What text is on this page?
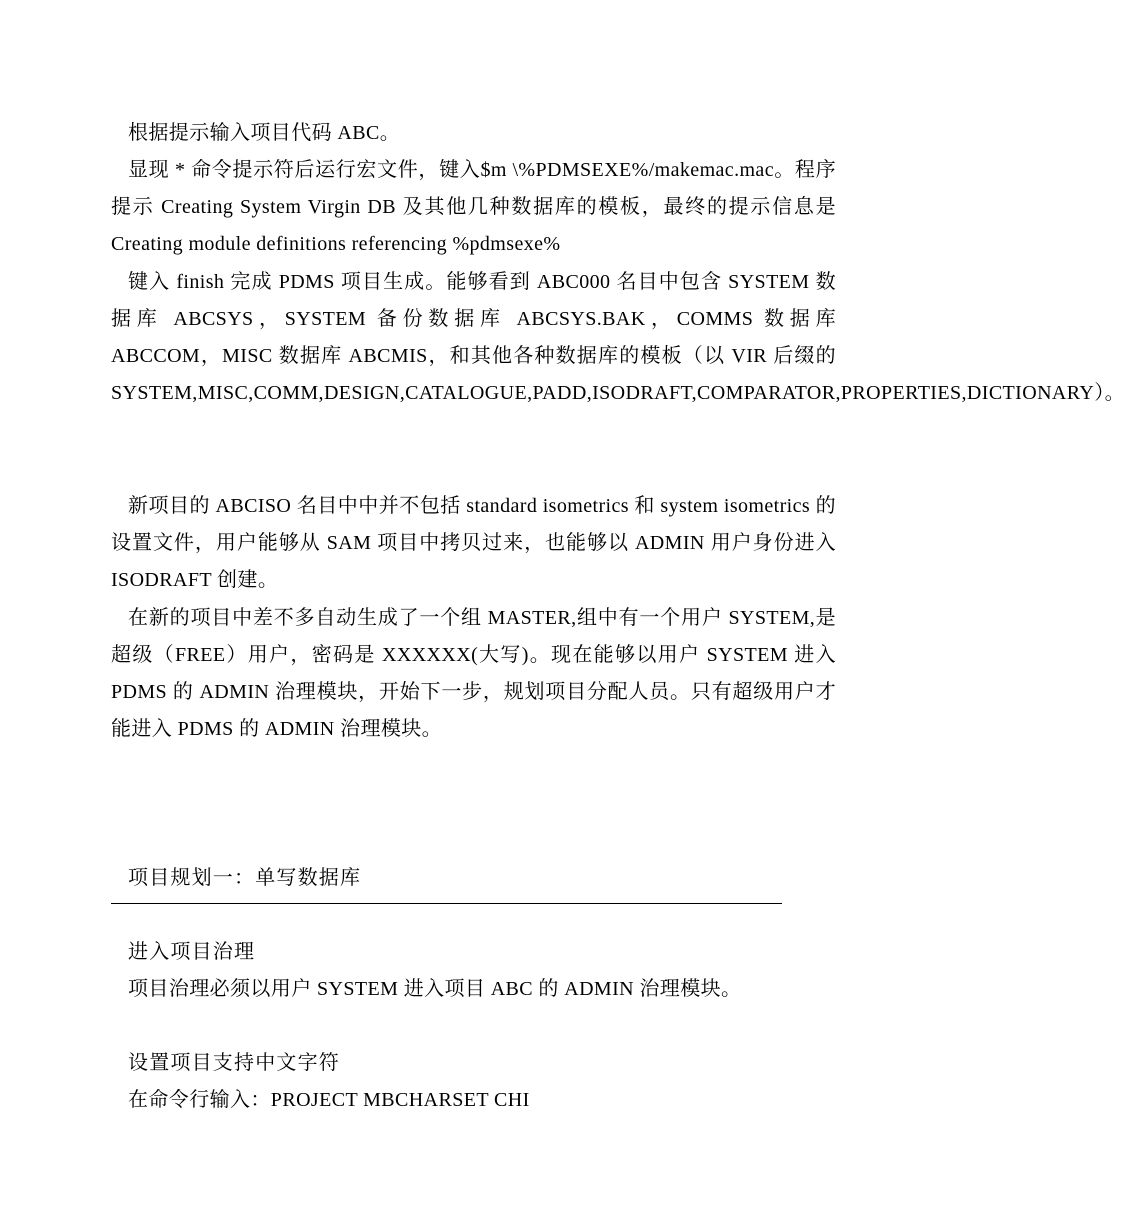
根据提示输入项目代码 ABC。
显现 * 命令提示符后运行宏文件，键入$m \%PDMSEXE%/makemac.mac。程序提示 Creating System Virgin DB 及其他几种数据库的模板，最终的提示信息是 Creating module definitions referencing %pdmsexe%
键入 finish 完成 PDMS 项目生成。能够看到 ABC000 名目中包含 SYSTEM 数据库 ABCSYS，SYSTEM 备份数据库 ABCSYS.BAK，COMMS 数据库 ABCCOM，MISC 数据库 ABCMIS，和其他各种数据库的模板（以 VIR 后缀的 SYSTEM,MISC,COMM,DESIGN,CATALOGUE,PADD,ISODRAFT,COMPARATOR,PROPERTIES,DICTIONARY）。
新项目的 ABCISO 名目中中并不包括 standard isometrics 和 system isometrics 的设置文件，用户能够从 SAM 项目中拷贝过来，也能够以 ADMIN 用户身份进入 ISODRAFT 创建。
在新的项目中差不多自动生成了一个组 MASTER,组中有一个用户 SYSTEM,是超级（FREE）用户，密码是 XXXXXX(大写)。现在能够以用户 SYSTEM 进入 PDMS 的 ADMIN 治理模块，开始下一步，规划项目分配人员。只有超级用户才能进入 PDMS 的 ADMIN 治理模块。
项目规划一：单写数据库
进入项目治理
项目治理必须以用户 SYSTEM 进入项目 ABC 的 ADMIN 治理模块。
设置项目支持中文字符
在命令行输入：PROJECT MBCHARSET CHI
